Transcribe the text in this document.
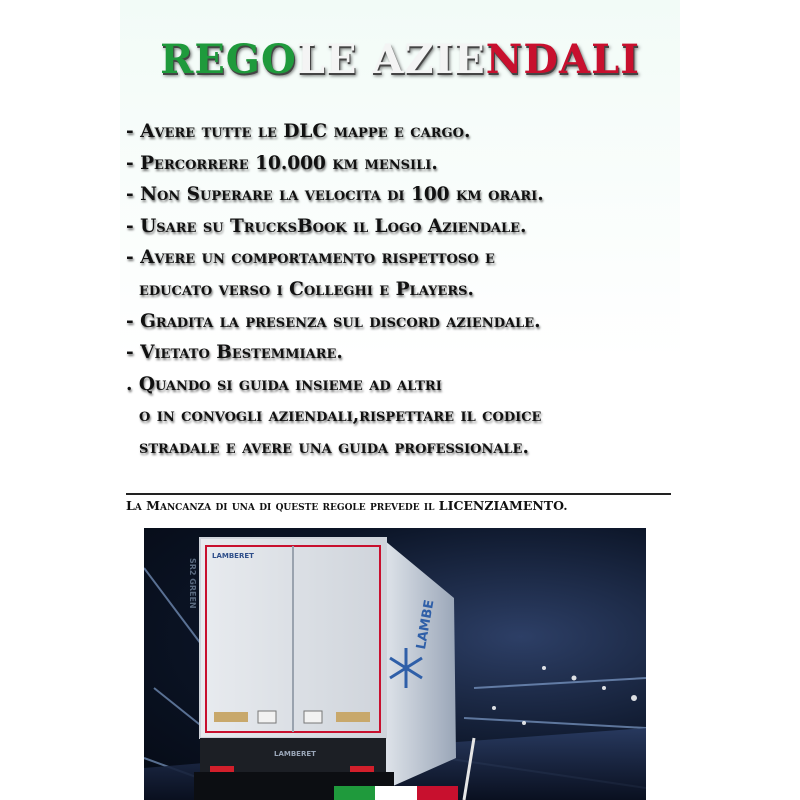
REGOLE AZIENDALI
- Avere tutte le DLC mappe e cargo.
- Percorrere 10.000 km mensili.
- Non Superare la velocita di 100 km orari.
- Usare su TrucksBook il Logo Aziendale.
- Avere un comportamento rispettoso e
educato verso i Colleghi e Players.
- Gradita la presenza sul discord aziendale.
- Vietato Bestemmiare.
. Quando si guida insieme ad altri
o in convogli aziendali,rispettare il codice
stradale e avere una guida professionale.

La Mancanza di una di queste regole prevede il LICENZIAMENTO.

LAMBERET
LAMBE
LAMBERET
SR2 GREEN
